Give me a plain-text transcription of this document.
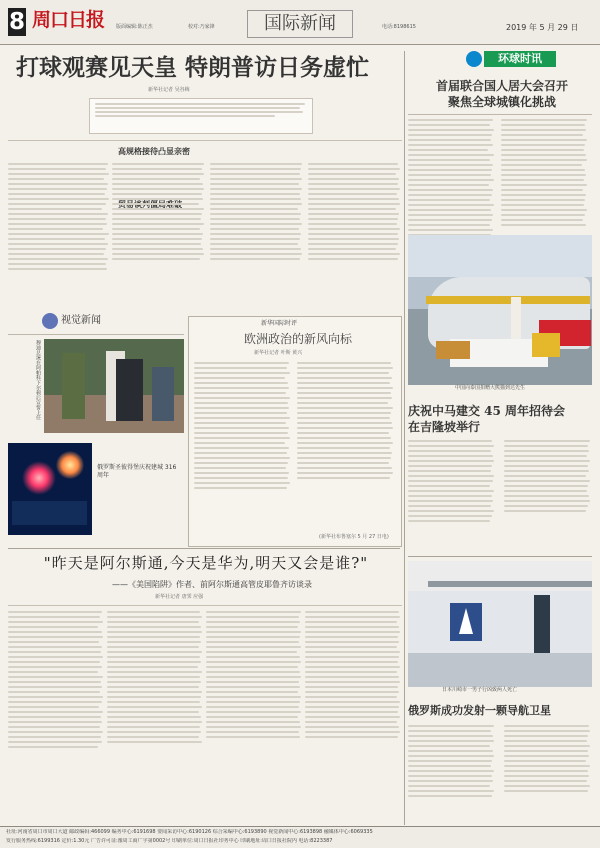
8 周口日报 版面编辑:陈正杰	校对:乃家锋	国际新闻	电话:8198615	2019 年 5 月 29 日
打球观赛见天皇 特朗普访日务虚忙
新华社记者 吴谷梅
高规格接待凸显亲密
环球时讯
首届联合国人居大会召开
聚焦全球城镇化挑战
中国向泰国捐赠大熊猫到达先生
庆祝中马建交 45 周年招待会
在吉隆坡举行
视觉新闻
穆迪总统在阿帕科下尔顿后宣誓上任
俄罗斯圣彼得堡庆祝建城 316 周年
新华国际时评
欧洲政治的新风向标
新华社记者 叶斯 黄兴
(新华社布鲁塞尔 5 月 27 日电)
"昨天是阿尔斯通,今天是华为,明天又会是谁?"
——《美国陷阱》作者、前阿尔斯通高管皮耶鲁齐访谈录
新华社记者 唐霁 应强
日本川崎市一男子行凶致两人死亡
俄罗斯成功发射一颗导航卫星
社址:河南省周口市周口大道 邮政编码:466099 编务中心:6191698 要闻采访中心:6190126 综合采编中心:6193890 视觉新闻中心:6193898 融媒体中心:6069335
发行服务热线:6199316 定价:1.30元 广告许可证:豫周工商广字第0002号 印刷单位:周口日报社印务中心 印刷地址:周口日报社院内 电话:8223387
